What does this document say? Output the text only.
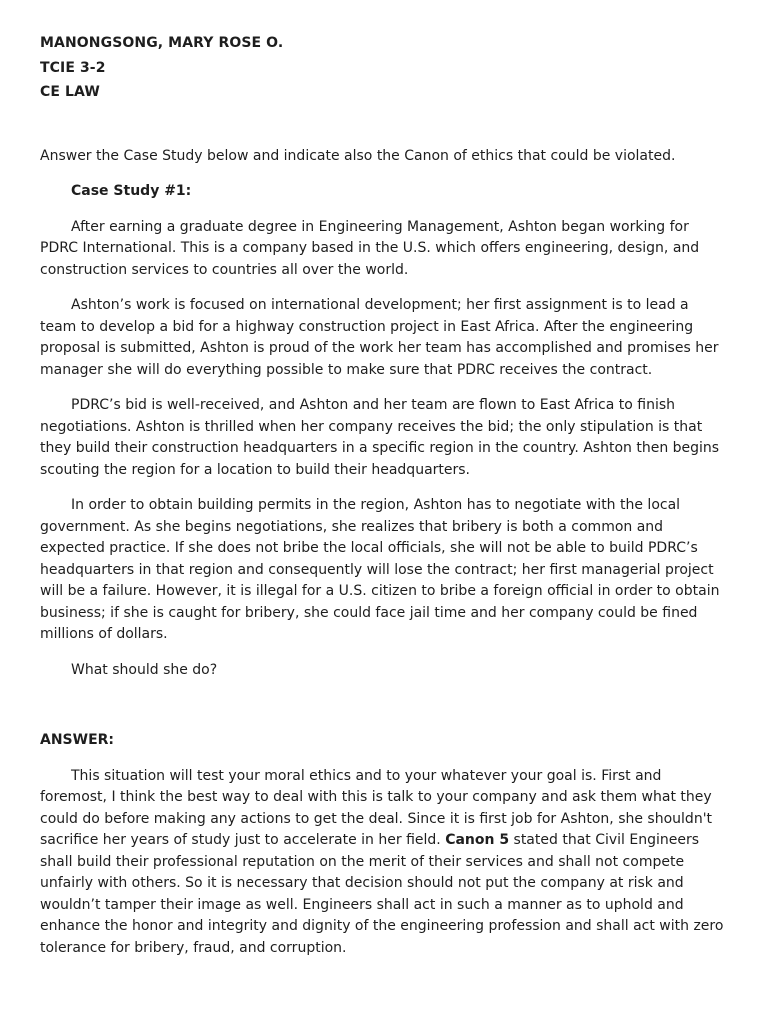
MANONGSONG, MARY ROSE O.

TCIE 3-2

CE LAW

Answer the Case Study below and indicate also the Canon of ethics that could be violated.

Case Study #1:

After earning a graduate degree in Engineering Management, Ashton began working for PDRC International. This is a company based in the U.S. which offers engineering, design, and construction services to countries all over the world.

Ashton’s work is focused on international development; her first assignment is to lead a team to develop a bid for a highway construction project in East Africa. After the engineering proposal is submitted, Ashton is proud of the work her team has accomplished and promises her manager she will do everything possible to make sure that PDRC receives the contract.

PDRC’s bid is well-received, and Ashton and her team are flown to East Africa to finish negotiations. Ashton is thrilled when her company receives the bid; the only stipulation is that they build their construction headquarters in a specific region in the country. Ashton then begins scouting the region for a location to build their headquarters.

In order to obtain building permits in the region, Ashton has to negotiate with the local government. As she begins negotiations, she realizes that bribery is both a common and expected practice. If she does not bribe the local officials, she will not be able to build PDRC’s headquarters in that region and consequently will lose the contract; her first managerial project will be a failure. However, it is illegal for a U.S. citizen to bribe a foreign official in order to obtain business; if she is caught for bribery, she could face jail time and her company could be fined millions of dollars.

What should she do?

ANSWER:

This situation will test your moral ethics and to your whatever your goal is. First and foremost, I think the best way to deal with this is talk to your company and ask them what they could do before making any actions to get the deal. Since it is first job for Ashton, she shouldn't sacrifice her years of study just to accelerate in her field. Canon 5 stated that Civil Engineers shall build their professional reputation on the merit of their services and shall not compete unfairly with others. So it is necessary that decision should not put the company at risk and wouldn’t tamper their image as well. Engineers shall act in such a manner as to uphold and enhance the honor and integrity and dignity of the engineering profession and shall act with zero tolerance for bribery, fraud, and corruption.
